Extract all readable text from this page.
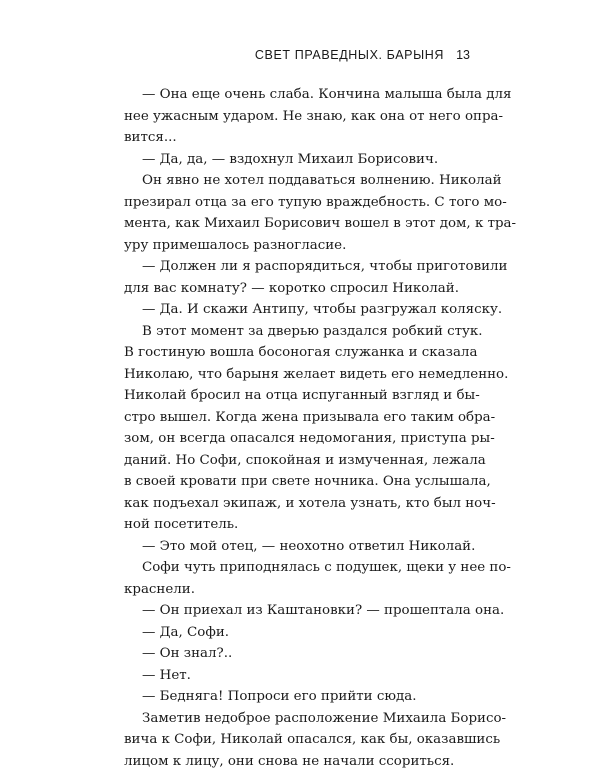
СВЕТ ПРАВЕДНЫХ. БАРЫНЯ 13
— Она еще очень слаба. Кончина малыша была для
нее ужасным ударом. Не знаю, как она от него опра-
вится...
— Да, да, — вздохнул Михаил Борисович.
Он явно не хотел поддаваться волнению. Николай
презирал отца за его тупую враждебность. С того мо-
мента, как Михаил Борисович вошел в этот дом, к тра-
уру примешалось разногласие.
— Должен ли я распорядиться, чтобы приготовили
для вас комнату? — коротко спросил Николай.
— Да. И скажи Антипу, чтобы разгружал коляску.
В этот момент за дверью раздался робкий стук.
В гостиную вошла босоногая служанка и сказала
Николаю, что барыня желает видеть его немедленно.
Николай бросил на отца испуганный взгляд и бы-
стро вышел. Когда жена призывала его таким обра-
зом, он всегда опасался недомогания, приступа ры-
даний. Но Софи, спокойная и измученная, лежала
в своей кровати при свете ночника. Она услышала,
как подъехал экипаж, и хотела узнать, кто был ноч-
ной посетитель.
— Это мой отец, — неохотно ответил Николай.
Софи чуть приподнялась с подушек, щеки у нее по-
краснели.
— Он приехал из Каштановки? — прошептала она.
— Да, Софи.
— Он знал?..
— Нет.
— Бедняга! Попроси его прийти сюда.
Заметив недоброе расположение Михаила Борисо-
вича к Софи, Николай опасался, как бы, оказавшись
лицом к лицу, они снова не начали ссориться.
